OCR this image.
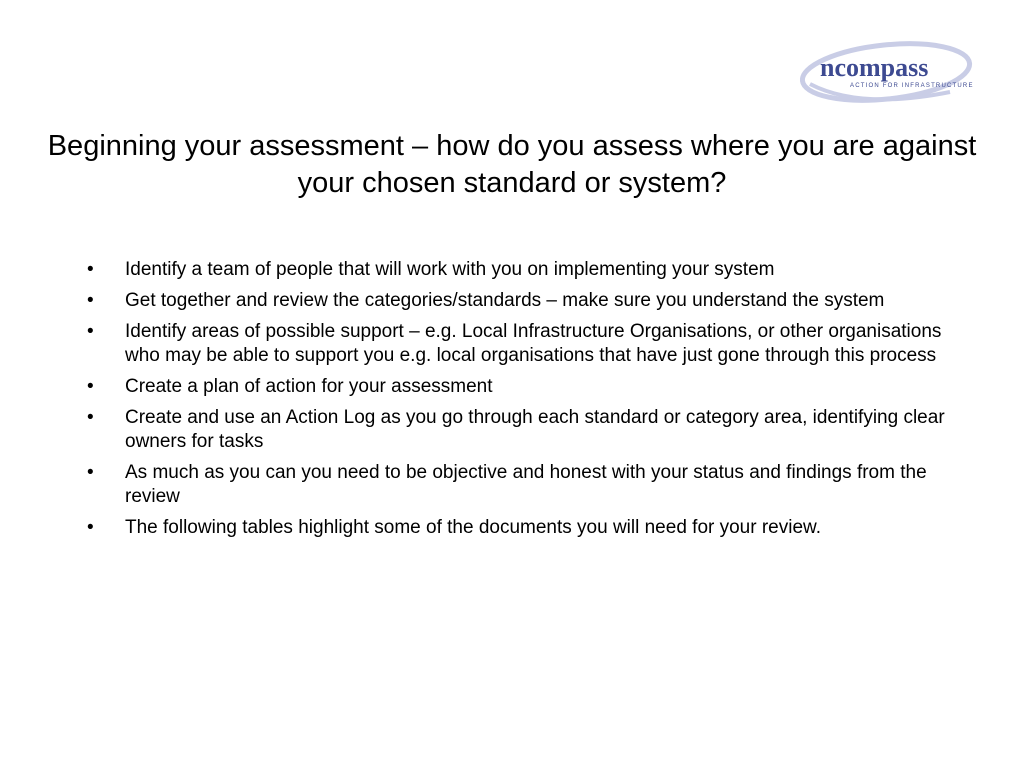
ncompass
ACTION FOR INFRASTRUCTURE
Beginning your assessment – how do you assess where you are against your chosen standard or system?
• Identify a team of people that will work with you on implementing your system
• Get together and review the categories/standards – make sure you understand the system
• Identify areas of possible support – e.g. Local Infrastructure Organisations, or other organisations who may be able to support you e.g. local organisations that have just gone through this process
• Create a plan of action for your assessment
• Create and use an Action Log as you go through each standard or category area, identifying clear owners for tasks
• As much as you can you need to be objective and honest with your status and findings from the review
• The following tables highlight some of the documents you will need for your review.
